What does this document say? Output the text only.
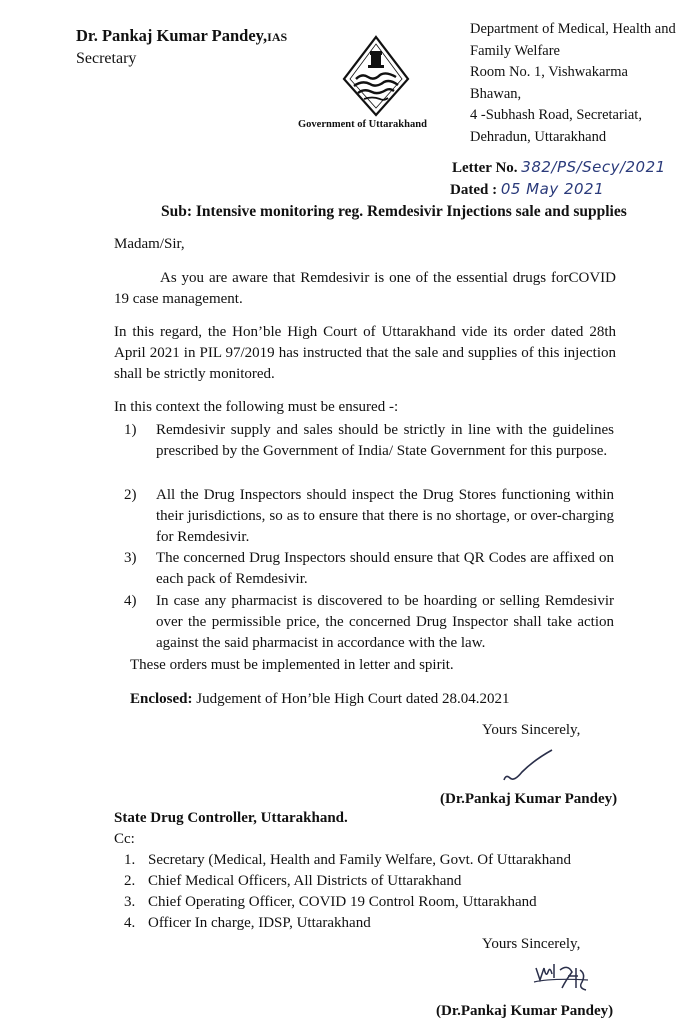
Dr. Pankaj Kumar Pandey,IAS
Secretary
Government of Uttarakhand
Department of Medical, Health and
Family Welfare
Room No. 1, Vishwakarma Bhawan,
4 -Subhash Road, Secretariat,
Dehradun, Uttarakhand
Letter No. 382/PS/Secy/2021
Dated : 05 May 2021
Sub: Intensive monitoring reg. Remdesivir Injections sale and supplies
Madam/Sir,
As you are aware that Remdesivir is one of the essential drugs forCOVID 19 case management.
In this regard, the Hon’ble High Court of Uttarakhand vide its order dated 28th April 2021 in PIL 97/2019 has instructed that the sale and supplies of this injection shall be strictly monitored.
In this context the following must be ensured -:
1)	Remdesivir supply and sales should be strictly in line with the guidelines prescribed by the Government of India/ State Government for this purpose.
2)	All the Drug Inspectors should inspect the Drug Stores functioning within their jurisdictions, so as to ensure that there is no shortage, or over-charging for Remdesivir.
3)	The concerned Drug Inspectors should ensure that QR Codes are affixed on each pack of Remdesivir.
4)	In case any pharmacist is discovered to be hoarding or selling Remdesivir over the permissible price, the concerned Drug Inspector shall take action against the said pharmacist in accordance with the law.
These orders must be implemented in letter and spirit.
Enclosed: Judgement of Hon’ble High Court dated 28.04.2021
Yours Sincerely,
(Dr.Pankaj Kumar Pandey)
State Drug Controller, Uttarakhand.
Cc:
1. Secretary (Medical, Health and Family Welfare, Govt. Of Uttarakhand
2. Chief Medical Officers, All Districts of Uttarakhand
3. Chief Operating Officer, COVID 19 Control Room, Uttarakhand
4. Officer In charge, IDSP, Uttarakhand
Yours Sincerely,
(Dr.Pankaj Kumar Pandey)
